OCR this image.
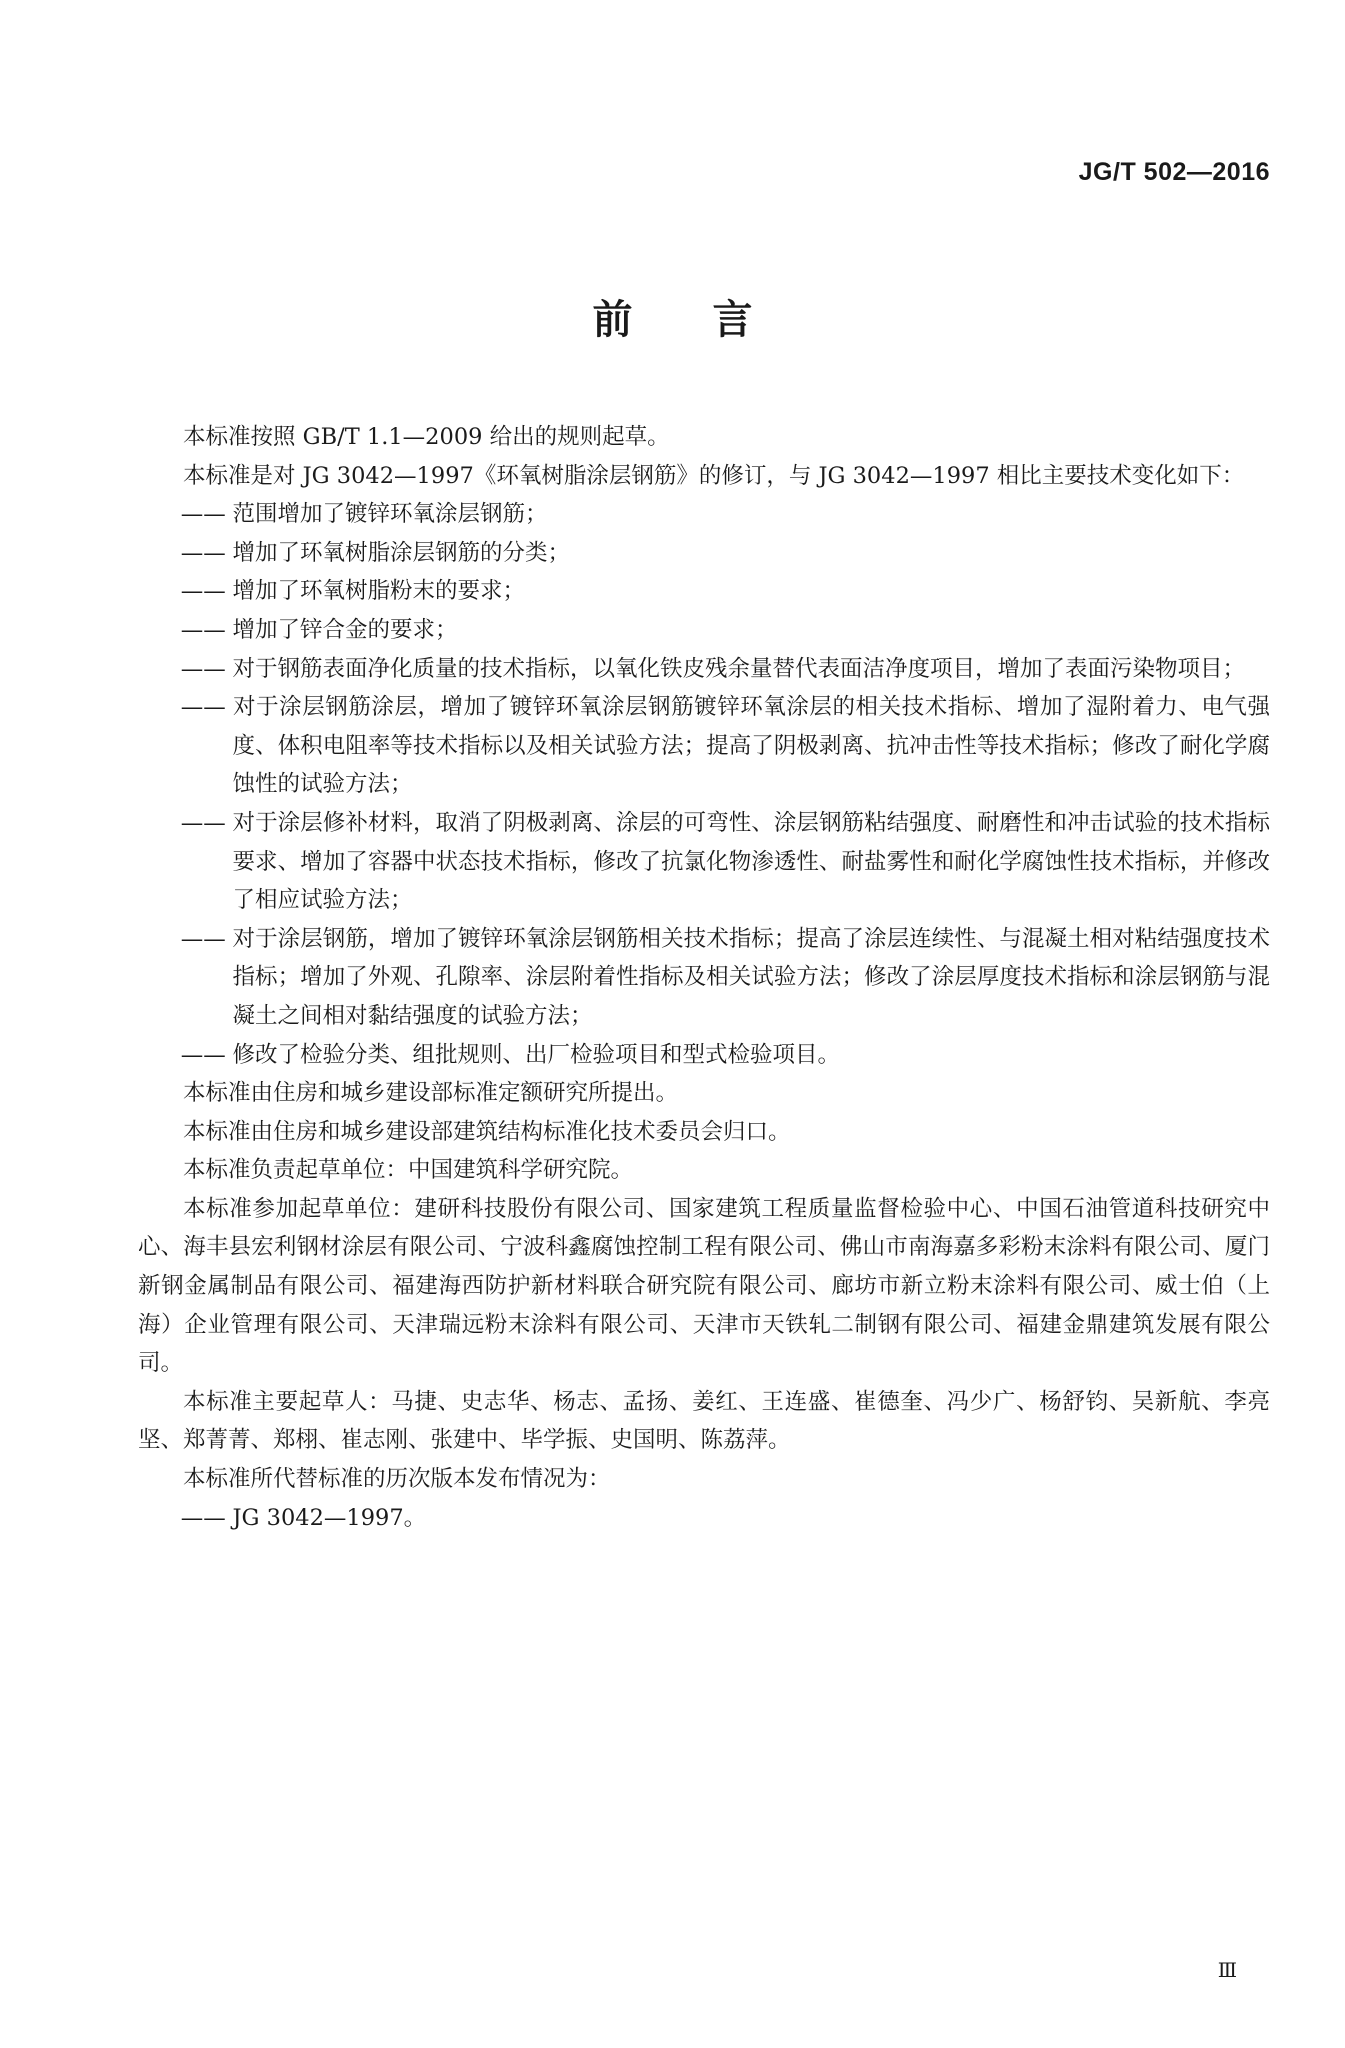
JG/T 502—2016
前 言

本标准按照 GB/T 1.1—2009 给出的规则起草。

本标准是对 JG 3042—1997《环氧树脂涂层钢筋》的修订，与 JG 3042—1997 相比主要技术变化如下：

—— 范围增加了镀锌环氧涂层钢筋；

—— 增加了环氧树脂涂层钢筋的分类；

—— 增加了环氧树脂粉末的要求；

—— 增加了锌合金的要求；

—— 对于钢筋表面净化质量的技术指标，以氧化铁皮残余量替代表面洁净度项目，增加了表面污染物项目；

—— 对于涂层钢筋涂层，增加了镀锌环氧涂层钢筋镀锌环氧涂层的相关技术指标、增加了湿附着力、电气强度、体积电阻率等技术指标以及相关试验方法；提高了阴极剥离、抗冲击性等技术指标；修改了耐化学腐蚀性的试验方法；

—— 对于涂层修补材料，取消了阴极剥离、涂层的可弯性、涂层钢筋粘结强度、耐磨性和冲击试验的技术指标要求、增加了容器中状态技术指标，修改了抗氯化物渗透性、耐盐雾性和耐化学腐蚀性技术指标，并修改了相应试验方法；

—— 对于涂层钢筋，增加了镀锌环氧涂层钢筋相关技术指标；提高了涂层连续性、与混凝土相对粘结强度技术指标；增加了外观、孔隙率、涂层附着性指标及相关试验方法；修改了涂层厚度技术指标和涂层钢筋与混凝土之间相对黏结强度的试验方法；

—— 修改了检验分类、组批规则、出厂检验项目和型式检验项目。

本标准由住房和城乡建设部标准定额研究所提出。

本标准由住房和城乡建设部建筑结构标准化技术委员会归口。

本标准负责起草单位：中国建筑科学研究院。

本标准参加起草单位：建研科技股份有限公司、国家建筑工程质量监督检验中心、中国石油管道科技研究中心、海丰县宏利钢材涂层有限公司、宁波科鑫腐蚀控制工程有限公司、佛山市南海嘉多彩粉末涂料有限公司、厦门新钢金属制品有限公司、福建海西防护新材料联合研究院有限公司、廊坊市新立粉末涂料有限公司、威士伯（上海）企业管理有限公司、天津瑞远粉末涂料有限公司、天津市天铁轧二制钢有限公司、福建金鼎建筑发展有限公司。

本标准主要起草人：马捷、史志华、杨志、孟扬、姜红、王连盛、崔德奎、冯少广、杨舒钧、吴新航、李亮坚、郑菁菁、郑栩、崔志刚、张建中、毕学振、史国明、陈荔萍。

本标准所代替标准的历次版本发布情况为：

—— JG 3042—1997。

Ⅲ
